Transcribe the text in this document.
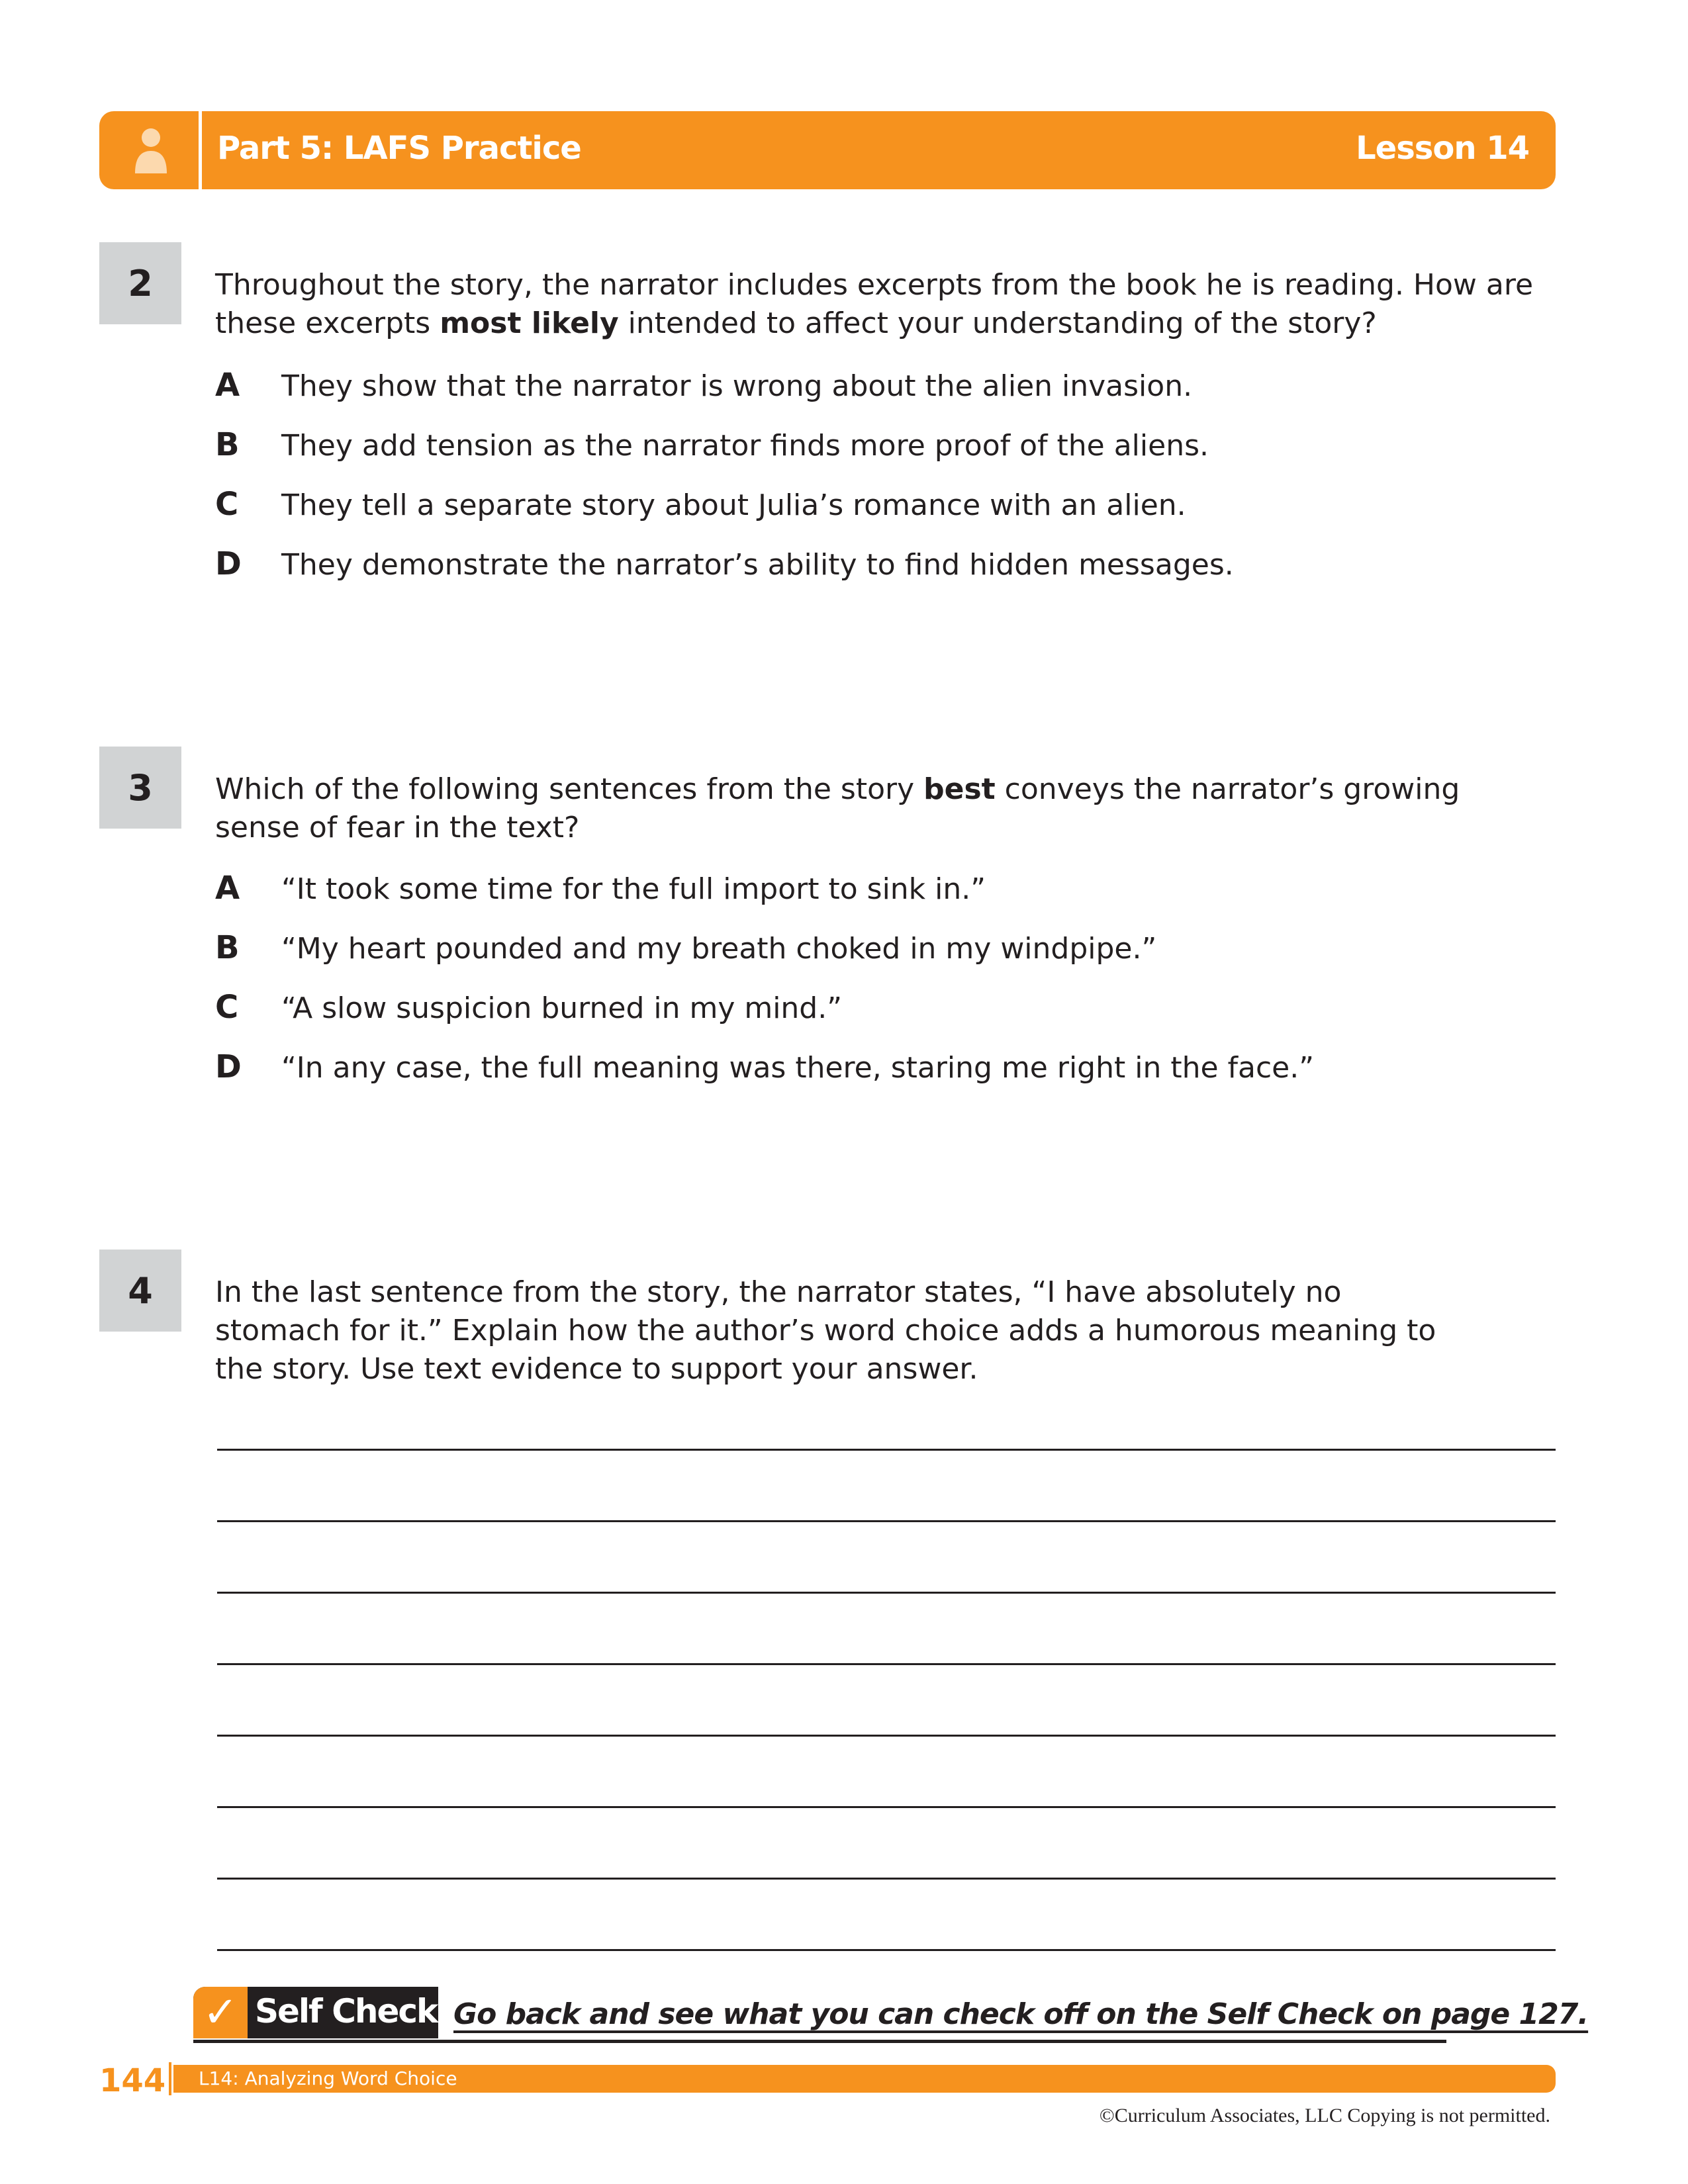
Part 5: LAFS Practice	Lesson 14
2	Throughout the story, the narrator includes excerpts from the book he is reading. How are these excerpts most likely intended to affect your understanding of the story?
A They show that the narrator is wrong about the alien invasion.
B They add tension as the narrator finds more proof of the aliens.
C They tell a separate story about Julia’s romance with an alien.
D They demonstrate the narrator’s ability to find hidden messages.
3	Which of the following sentences from the story best conveys the narrator’s growing sense of fear in the text?
A “It took some time for the full import to sink in.”
B “My heart pounded and my breath choked in my windpipe.”
C “A slow suspicion burned in my mind.”
D “In any case, the full meaning was there, staring me right in the face.”
4	In the last sentence from the story, the narrator states, “I have absolutely no stomach for it.” Explain how the author’s word choice adds a humorous meaning to the story. Use text evidence to support your answer.
✓ Self Check Go back and see what you can check off on the Self Check on page 127.
144 L14: Analyzing Word Choice
©Curriculum Associates, LLC Copying is not permitted.
